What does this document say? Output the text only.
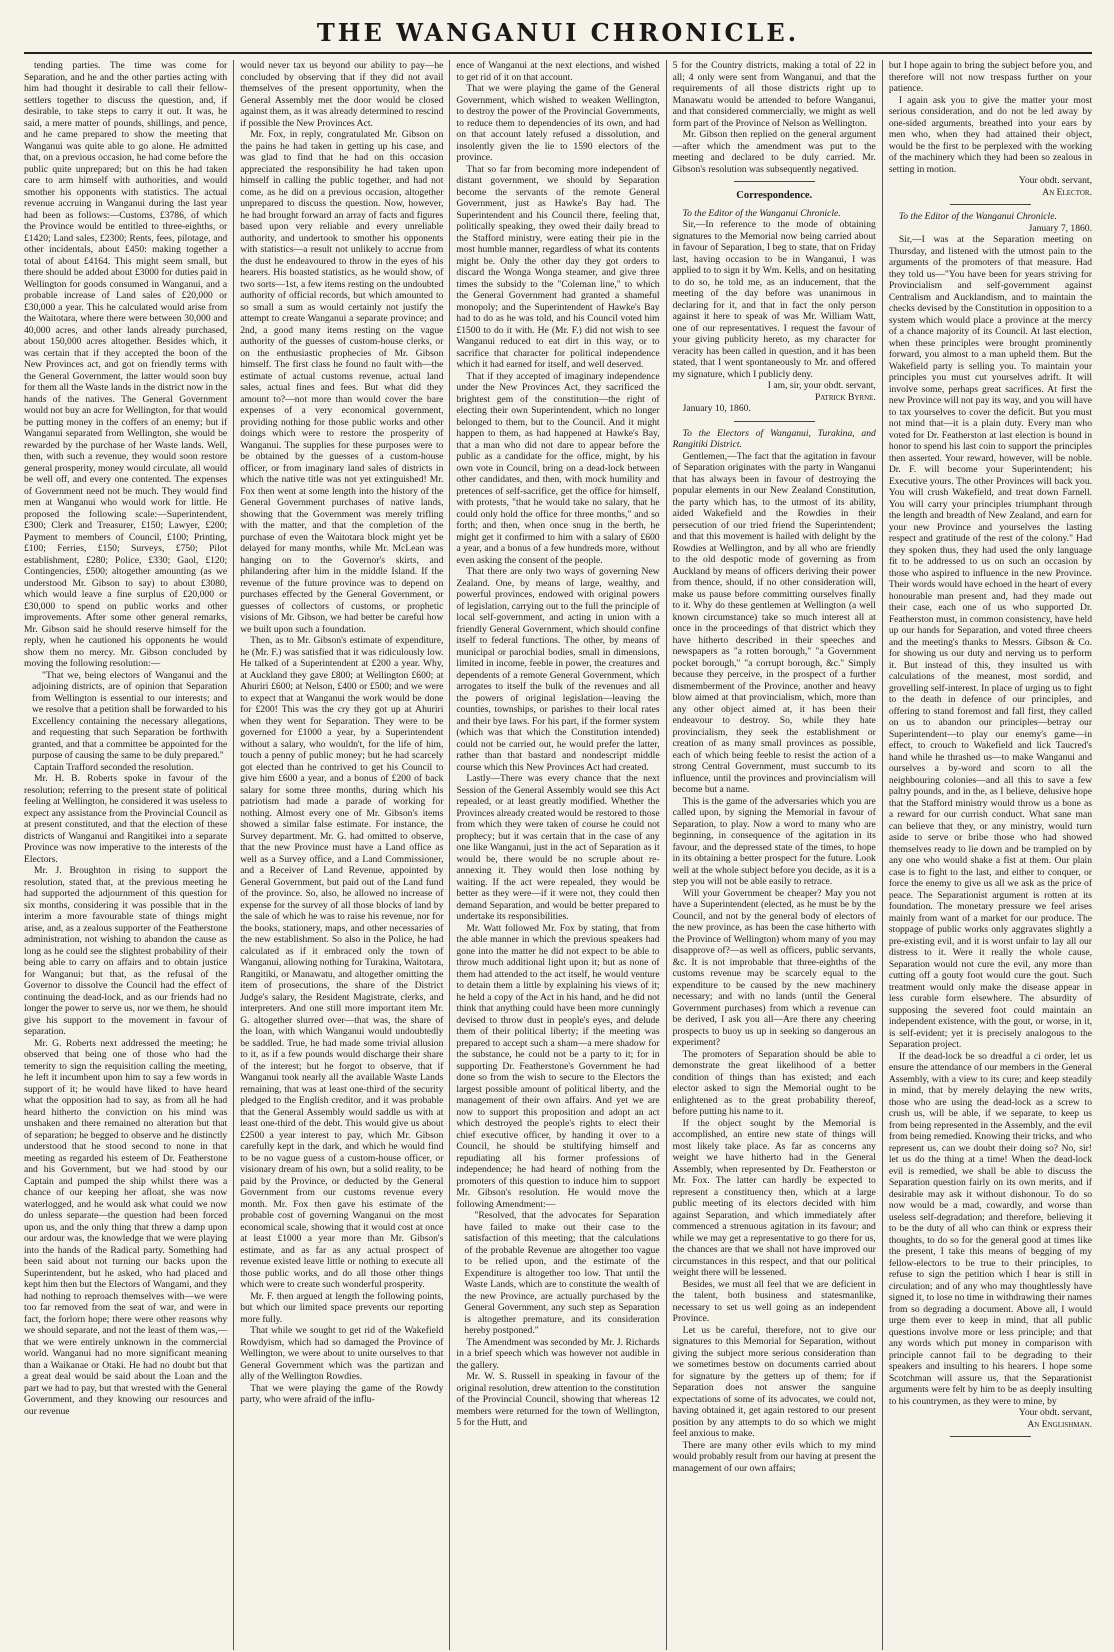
THE WANGANUI CHRONICLE.

tending parties. The time was come for Separation, and he and the other parties acting with him had thought it desirable to call their fellow-settlers together to discuss the question, and, if desirable, to take steps to carry it out. It was, he said, a mere matter of pounds, shillings, and pence, and he came prepared to show the meeting that Wanganui was quite able to go alone. He admitted that, on a previous occasion, he had come before the public quite unprepared; but on this he had taken care to arm himself with authorities, and would smother his opponents with statistics. The actual revenue accruing in Wanganui during the last year had been as follows:—Customs, £3786, of which the Province would be entitled to three-eighths, or £1420; Land sales, £2300; Rents, fees, pilotage, and other incidentals, about £450: making together a total of about £4164. This might seem small, but there should be added about £3000 for duties paid in Wellington for goods consumed in Wanganui, and a probable increase of Land sales of £20,000 or £30,000 a year. This he calculated would arise from the Waitotara, where there were between 30,000 and 40,000 acres, and other lands already purchased, about 150,000 acres altogether. Besides which, it was certain that if they accepted the boon of the New Provinces act, and got on friendly terms with the General Government, the latter would soon buy for them all the Waste lands in the district now in the hands of the natives. The General Government would not buy an acre for Wellington, for that would be putting money in the coffers of an enemy; but if Wanganui separated from Wellington, she would be rewarded by the purchase of her Waste lands. Well, then, with such a revenue, they would soon restore general prosperity, money would circulate, all would be well off, and every one contented. The expenses of Government need not be much. They would find men at Wanganui who would work for little. He proposed the following scale:—Superintendent, £300; Clerk and Treasurer, £150; Lawyer, £200; Payment to members of Council, £100; Printing, £100; Ferries, £150; Surveys, £750; Pilot establishment, £280; Police, £330; Gaol, £120; Contingencies, £500; altogether amounting (as we understood Mr. Gibson to say) to about £3080, which would leave a fine surplus of £20,000 or £30,000 to spend on public works and other improvements. After some other general remarks, Mr. Gibson said he should reserve himself for the reply, when he cautioned his opponents he would show them no mercy. Mr. Gibson concluded by moving the following resolution:—

"That we, being electors of Wanganui and the adjoining districts, are of opinion that Separation from Wellington is essential to our interests; and we resolve that a petition shall be forwarded to his Excellency containing the necessary allegations, and requesting that such Separation be forthwith granted, and that a committee be appointed for the purpose of causing the same to be duly prepared."

Captain Trafford seconded the resolution.

Mr. H. B. Roberts spoke in favour of the resolution; referring to the present state of political feeling at Wellington, he considered it was useless to expect any assistance from the Provincial Council as at present constituted, and that the election of these districts of Wanganui and Rangitikei into a separate Province was now imperative to the interests of the Electors.

Mr. J. Broughton in rising to support the resolution, stated that, at the previous meeting he had supported the adjournment of this question for six months, considering it was possible that in the interim a more favourable state of things might arise, and, as a zealous supporter of the Featherstone administration, not wishing to abandon the cause as long as he could see the slightest probability of their being able to carry on affairs and to obtain justice for Wanganui; but that, as the refusal of the Governor to dissolve the Council had the effect of continuing the dead-lock, and as our friends had no longer the power to serve us, nor we them, he should give his support to the movement in favour of separation.

Mr. G. Roberts next addressed the meeting; he observed that being one of those who had the temerity to sign the requisition calling the meeting, he left it incumbent upon him to say a few words in support of it; he would have liked to have heard what the opposition had to say, as from all he had heard hitherto the conviction on his mind was unshaken and there remained no alteration but that of separation; he begged to observe and he distinctly understood that he stood second to none in that meeting as regarded his esteem of Dr. Featherstone and his Government, but we had stood by our Captain and pumped the ship whilst there was a chance of our keeping her afloat, she was now waterlogged, and he would ask what could we now do unless separate—the question had been forced upon us, and the only thing that threw a damp upon our ardour was, the knowledge that we were playing into the hands of the Radical party. Something had been said about not turning our backs upon the Superintendent, but he asked, who had placed and kept him then but the Electors of Wangami, and they had nothing to reproach themselves with—we were too far removed from the seat of war, and were in fact, the forlorn hope; there were other reasons why we should separate, and not the least of them was,—that we were entirely unknown in the commercial world. Wanganui had no more significant meaning than a Waikanae or Otaki. He had no doubt but that a great deal would be said about the Loan and the part we had to pay, but that wrested with the General Government, and they knowing our resources and our revenue

would never tax us beyond our ability to pay—he concluded by observing that if they did not avail themselves of the present opportunity, when the General Assembly met the door would be closed against them, as it was already determined to rescind if possible the New Provinces Act.

Mr. Fox, in reply, congratulated Mr. Gibson on the pains he had taken in getting up his case, and was glad to find that he had on this occasion appreciated the responsibility he had taken upon himself in calling the public together, and had not come, as he did on a previous occasion, altogether unprepared to discuss the question. Now, however, he had brought forward an array of facts and figures based upon very reliable and every unreliable authority, and undertook to smother his opponents with statistics—a result not unlikely to accrue from the dust he endeavoured to throw in the eyes of his hearers. His boasted statistics, as he would show, of two sorts—1st, a few items resting on the undoubted authority of official records, but which amounted to so small a sum as would certainly not justify the attempt to create Wanganui a separate province; and 2nd, a good many items resting on the vague authority of the guesses of custom-house clerks, or on the enthusiastic prophecies of Mr. Gibson himself. The first class he found no fault with—the estimate of actual customs revenue, actual land sales, actual fines and fees. But what did they amount to?—not more than would cover the bare expenses of a very economical government, providing nothing for those public works and other doings which were to restore the prosperity of Wanganui. The supplies for these purposes were to be obtained by the guesses of a custom-house officer, or from imaginary land sales of districts in which the native title was not yet extinguished! Mr. Fox then went at some length into the history of the General Government purchases of native lands, showing that the Government was merely trifling with the matter, and that the completion of the purchase of even the Waitotara block might yet be delayed for many months, while Mr. McLean was hanging on to the Governor's skirts, and philandering after him in the middle Island. If the revenue of the future province was to depend on purchases effected by the General Government, or guesses of collectors of customs, or prophetic visions of Mr. Gibson, we had better be careful how we built upon such a foundation.

Then, as to Mr. Gibson's estimate of expenditure, he (Mr. F.) was satisfied that it was ridiculously low. He talked of a Superintendent at £200 a year. Why, at Auckland they gave £800; at Wellington £600; at Ahuriri £600; at Nelson, £400 or £500; and we were to expect that at Wanganui the work would be done for £200! This was the cry they got up at Ahuriri when they went for Separation. They were to be governed for £1000 a year, by a Superintendent without a salary, who wouldn't, for the life of him, touch a penny of public money; but he had scarcely got elected than he contrived to get his Council to give him £600 a year, and a bonus of £200 of back salary for some three months, during which his patriotism had made a parade of working for nothing. Almost every one of Mr. Gibson's items showed a similar false estimate. For instance, the Survey department. Mr. G. had omitted to observe, that the new Province must have a Land office as well as a Survey office, and a Land Commissioner, and a Receiver of Land Revenue, appointed by General Government, but paid out of the Land fund of the province. So, also, he allowed no increase of expense for the survey of all those blocks of land by the sale of which he was to raise his revenue, nor for the books, stationery, maps, and other necessaries of the new establishment. So also in the Police, he had calculated as if it embraced only the town of Wanganui, allowing nothing for Turakina, Waitotara, Rangitiki, or Manawatu, and altogether omitting the item of prosecutions, the share of the District Judge's salary, the Resident Magistrate, clerks, and interpreters. And one still more important item Mr. G. altogether slurred over—that was, the share of the loan, with which Wanganui would undoubtedly be saddled. True, he had made some trivial allusion to it, as if a few pounds would discharge their share of the interest; but he forgot to observe, that if Wanganui took nearly all the available Waste Lands remaining, that was at least one-third of the security pledged to the English creditor, and it was probable that the General Assembly would saddle us with at least one-third of the debt. This would give us about £2500 a year interest to pay, which Mr. Gibson carefully kept in the dark, and which he would find to be no vague guess of a custom-house officer, or visionary dream of his own, but a solid reality, to be paid by the Province, or deducted by the General Government from our customs revenue every month. Mr. Fox then gave his estimate of the probable cost of governing Wanganui on the most economical scale, showing that it would cost at once at least £1000 a year more than Mr. Gibson's estimate, and as far as any actual prospect of revenue existed leave little or nothing to execute all those public works, and do all those other things which were to create such wonderful prosperity.

Mr. F. then argued at length the following points, but which our limited space prevents our reporting more fully.

That while we sought to get rid of the Wakefield Rowdyism, which had so damaged the Province of Wellington, we were about to unite ourselves to that General Government which was the partizan and ally of the Wellington Rowdies.

That we were playing the game of the Rowdy party, who were afraid of the influ-

ence of Wanganui at the next elections, and wished to get rid of it on that account.

That we were playing the game of the General Government, which wished to weaken Wellington, to destroy the power of the Provincial Governments, to reduce them to dependencies of its own, and had on that account lately refused a dissolution, and insolently given the lie to 1590 electors of the province.

That so far from becoming more independent of distant government, we should by Separation become the servants of the remote General Government, just as Hawke's Bay had. The Superintendent and his Council there, feeling that, politically speaking, they owed their daily bread to the Stafford ministry, were eating their pie in the most humble manner, regardless of what its contents might be. Only the other day they got orders to discard the Wonga Wonga steamer, and give three times the subsidy to the "Coleman line," to which the General Government had granted a shameful monopoly; and the Superintendent of Hawke's Bay had to do as he was told, and his Council voted him £1500 to do it with. He (Mr. F.) did not wish to see Wanganui reduced to eat dirt in this way, or to sacrifice that character for political independence which it had earned for itself, and well deserved.

That if they accepted of imaginary independence under the New Provinces Act, they sacrificed the brightest gem of the constitution—the right of electing their own Superintendent, which no longer belonged to them, but to the Council. And it might happen to them, as had happened at Hawke's Bay, that a man who did not dare to appear before the public as a candidate for the office, might, by his own vote in Council, bring on a dead-lock between other candidates, and then, with mock humility and pretences of self-sacrifice, get the office for himself, with protests, "that he would take no salary, that he could only hold the office for three months," and so forth; and then, when once snug in the berth, he might get it confirmed to him with a salary of £600 a year, and a bonus of a few hundreds more, without even asking the consent of the people.

That there are only two ways of governing New Zealand. One, by means of large, wealthy, and powerful provinces, endowed with original powers of legislation, carrying out to the full the principle of local self-government, and acting in union with a friendly General Government, which should confine itself to federal functions. The other, by means of municipal or parochial bodies, small in dimensions, limited in income, feeble in power, the creatures and dependents of a remote General Government, which arrogates to itself the bulk of the revenues and all the powers of original legislation—leaving the counties, townships, or parishes to their local rates and their bye laws. For his part, if the former system (which was that which the Constitution intended) could not be carried out, he would prefer the latter, rather than that bastard and nondescript middle course which this New Provinces Act had created.

Lastly—There was every chance that the next Session of the General Assembly would see this Act repealed, or at least greatly modified. Whether the Provinces already created would be restored to those from which they were taken of course he could not prophecy; but it was certain that in the case of any one like Wanganui, just in the act of Separation as it would be, there would be no scruple about re-annexing it. They would then lose nothing by waiting. If the act were repealed, they would be better as they were—if it were not, they could then demand Separation, and would be better prepared to undertake its responsibilities.

Mr. Watt followed Mr. Fox by stating, that from the able manner in which the previous speakers had gone into the matter he did not expect to be able to throw much additional light upon it; but as none of them had attended to the act itself, he would venture to detain them a little by explaining his views of it; he held a copy of the Act in his hand, and he did not think that anything could have been more cunningly devised to throw dust in people's eyes, and delude them of their political liberty; if the meeting was prepared to accept such a sham—a mere shadow for the substance, he could not be a party to it; for in supporting Dr. Featherstone's Government he had done so from the wish to secure to the Electors the largest possible amount of political liberty, and the management of their own affairs. And yet we are now to support this proposition and adopt an act which destroyed the people's rights to elect their chief executive officer, by handing it over to a Council, he should be stultifying himself and repudiating all his former professions of independence; he had heard of nothing from the promoters of this question to induce him to support Mr. Gibson's resolution. He would move the following Amendment:—

"Resolved, that the advocates for Separation have failed to make out their case to the satisfaction of this meeting; that the calculations of the probable Revenue are altogether too vague to be relied upon, and the estimate of the Expenditure is altogether too low. That until the Waste Lands, which are to constitute the wealth of the new Province, are actually purchased by the General Government, any such step as Separation is altogether premature, and its consideration hereby postponed."

The Amendment was seconded by Mr. J. Richards in a brief speech which was however not audible in the gallery.

Mr. W. S. Russell in speaking in favour of the original resolution, drew attention to the constitution of the Provincial Council, showing that whereas 12 members were returned for the town of Wellington, 5 for the Hutt, and

5 for the Country districts, making a total of 22 in all; 4 only were sent from Wanganui, and that the requirements of all those districts right up to Manawatu would be attended to before Wanganui, and that considered commercially, we might as well form part of the Province of Nelson as Wellington.

Mr. Gibson then replied on the general argument—after which the amendment was put to the meeting and declared to be duly carried. Mr. Gibson's resolution was subsequently negatived.

Correspondence.

To the Editor of the Wanganui Chronicle.

Sir,—In reference to the mode of obtaining signatures to the Memorial now being carried about in favour of Separation, I beg to state, that on Friday last, having occasion to be in Wanganui, I was applied to to sign it by Wm. Kells, and on hesitating to do so, he told me, as an inducement, that the meeting of the day before was unanimous in declaring for it, and that in fact the only person against it here to speak of was Mr. William Watt, one of our representatives. I request the favour of your giving publicity hereto, as my character for veracity has been called in question, and it has been stated, that I went spontaneously to Mr. and offered my signature, which I publicly deny.

I am, sir, your obdt. servant,

Patrick Byrne.

January 10, 1860.

To the Electors of Wanganui, Turakina, and Rangitiki District.

Gentlemen,—The fact that the agitation in favour of Separation originates with the party in Wanganui that has always been in favour of destroying the popular elements in our New Zealand Constitution, the party which has, to the utmost of its ability, aided Wakefield and the Rowdies in their persecution of our tried friend the Superintendent; and that this movement is hailed with delight by the Rowdies at Wellington, and by all who are friendly to the old despotic mode of governing as from Auckland by means of officers deriving their power from thence, should, if no other consideration will, make us pause before committing ourselves finally to it. Why do these gentlemen at Wellington (a well known circumstance) take so much interest all at once in the proceedings of that district which they have hitherto described in their speeches and newspapers as "a rotten borough," "a Government pocket borough," "a corrupt borough, &c." Simply because they perceive, in the prospect of a further dismemberment of the Province, another and heavy blow aimed at that provincialism, which, more than any other object aimed at, it has been their endeavour to destroy. So, while they hate provincialism, they seek the establishment or creation of as many small provinces as possible, each of which being feeble to resist the action of a strong Central Government, must succumb to its influence, until the provinces and provincialism will become but a name.

This is the game of the adversaries which you are called upon, by signing the Memorial in favour of Separation, to play. Now a word to many who are beginning, in consequence of the agitation in its favour, and the depressed state of the times, to hope in its obtaining a better prospect for the future. Look well at the whole subject before you decide, as it is a step you will not be able easily to retrace.

Will your Government be cheaper? May you not have a Superintendent (elected, as he must be by the Council, and not by the general body of electors of the new province, as has been the case hitherto with the Province of Wellington) whom many of you may disapprove of?—as well as officers, public servants, &c. It is not improbable that three-eighths of the customs revenue may be scarcely equal to the expenditure to be caused by the new machinery necessary; and with no lands (until the General Government purchases) from which a revenue can be derived, I ask you all—Are there any cheering prospects to buoy us up in seeking so dangerous an experiment?

The promoters of Separation should be able to demonstrate the great likelihood of a better condition of things than has existed; and each elector asked to sign the Memorial ought to be enlightened as to the great probability thereof, before putting his name to it.

If the object sought by the Memorial is accomplished, an entire new state of things will most likely take place. As far as concerns any weight we have hitherto had in the General Assembly, when represented by Dr. Featherston or Mr. Fox. The latter can hardly be expected to represent a constituency then, which at a large public meeting of its electors decided with him against Separation, and which immediately after commenced a strenuous agitation in its favour; and while we may get a representative to go there for us, the chances are that we shall not have improved our circumstances in this respect, and that our political weight there will be lessened.

Besides, we must all feel that we are deficient in the talent, both business and statesmanlike, necessary to set us well going as an independent Province.

Let us be careful, therefore, not to give our signatures to this Memorial for Separation, without giving the subject more serious consideration than we sometimes bestow on documents carried about for signature by the getters up of them; for if Separation does not answer the sanguine expectations of some of its advocates, we could not, having obtained it, get again restored to our present position by any attempts to do so which we might feel anxious to make.

There are many other evils which to my mind would probably result from our having at present the management of our own affairs;

but I hope again to bring the subject before you, and therefore will not now trespass further on your patience.

I again ask you to give the matter your most serious consideration, and do not be led away by one-sided arguments, breathed into your ears by men who, when they had attained their object, would be the first to be perplexed with the working of the machinery which they had been so zealous in setting in motion.

Your obdt. servant,

An Elector.

To the Editor of the Wanganui Chronicle.

January 7, 1860.

Sir,—I was at the Separation meeting on Thursday, and listened with the utmost pain to the arguments of the promoters of that measure. Had they told us—"You have been for years striving for Provincialism and self-government against Centralism and Aucklandism, and to maintain the checks devised by the Constitution in opposition to a system which would place a province at the mercy of a chance majority of its Council. At last election, when these principles were brought prominently forward, you almost to a man upheld them. But the Wakefield party is selling you. To maintain your principles you must cut yourselves adrift. It will involve some, perhaps great sacrifices. At first the new Province will not pay its way, and you will have to tax yourselves to cover the deficit. But you must not mind that—it is a plain duty. Every man who voted for Dr. Featherston at last election is bound in honor to spend his last coin to support the principles then asserted. Your reward, however, will be noble. Dr. F. will become your Superintendent; his Executive yours. The other Provinces will back you. You will crush Wakefield, and treat down Farnell. You will carry your principles triumphant through the length and breadth of New Zealand, and earn for your new Province and yourselves the lasting respect and gratitude of the rest of the colony." Had they spoken thus, they had used the only language fit to be addressed to us on such an occasion by those who aspired to influence in the new Province. Their words would have echoed in the heart of every honourable man present and, had they made out their case, each one of us who supported Dr. Featherston must, in common consistency, have held up our hands for Separation, and voted three cheers and the meeting's thanks to Messrs. Gibson & Co. for showing us our duty and nerving us to perform it. But instead of this, they insulted us with calculations of the meanest, most sordid, and grovelling self-interest. In place of urging us to fight to the death in defence of our principles, and offering to stand foremost and fall first, they called on us to abandon our principles—betray our Superintendent—to play our enemy's game—in effect, to crouch to Wakefield and lick Taucred's hand while he thrashed us—to make Wanganui and ourselves a by-word and scorn to all the neighbouring colonies—and all this to save a few paltry pounds, and in the, as I believe, delusive hope that the Stafford ministry would throw us a bone as a reward for our currish conduct. What sane man can believe that they, or any ministry, would turn aside to serve or bribe those who had showed themselves ready to lie down and be trampled on by any one who would shake a fist at them. Our plain case is to fight to the last, and either to conquer, or force the enemy to give us all we ask as the price of peace. The Separationist argument is rotten at its foundation. The monetary pressure we feel arises mainly from want of a market for our produce. The stoppage of public works only aggravates slightly a pre-existing evil, and it is worst unfair to lay all our distress to it. Were it really the whole cause, Separation would not cure the evil, any more than cutting off a gouty foot would cure the gout. Such treatment would only make the disease appear in less curable form elsewhere. The absurdity of supposing the severed foot could maintain an independent existence, with the gout, or worse, in it, is self-evident; yet it is precisely analogous to the Separation project.

If the dead-lock be so dreadful a ci order, let us ensure the attendance of our members in the General Assembly, with a view to its cure; and keep steadily in mind, that by merely delaying the new writs, those who are using the dead-lock as a screw to crush us, will be able, if we separate, to keep us from being represented in the Assembly, and the evil from being remedied. Knowing their tricks, and who represent us, can we doubt their doing so? No, sir! let us do the thing at a time! When the dead-lock evil is remedied, we shall be able to discuss the Separation question fairly on its own merits, and if desirable may ask it without dishonour. To do so now would be a mad, cowardly, and worse than useless self-degradation; and therefore, believing it to be the duty of all who can think or express their thoughts, to do so for the general good at times like the present, I take this means of begging of my fellow-electors to be true to their principles, to refuse to sign the petition which I hear is still in circulation; and of any who may thoughtlessly have signed it, to lose no time in withdrawing their names from so degrading a document. Above all, I would urge them ever to keep in mind, that all public questions involve more or less principle; and that any words which put money in comparison with principle cannot fail to be degrading to their speakers and insulting to his hearers. I hope some Scotchman will assure us, that the Separationist arguments were felt by him to be as deeply insulting to his countrymen, as they were to mine, by

Your obdt. servant,

An Englishman.
